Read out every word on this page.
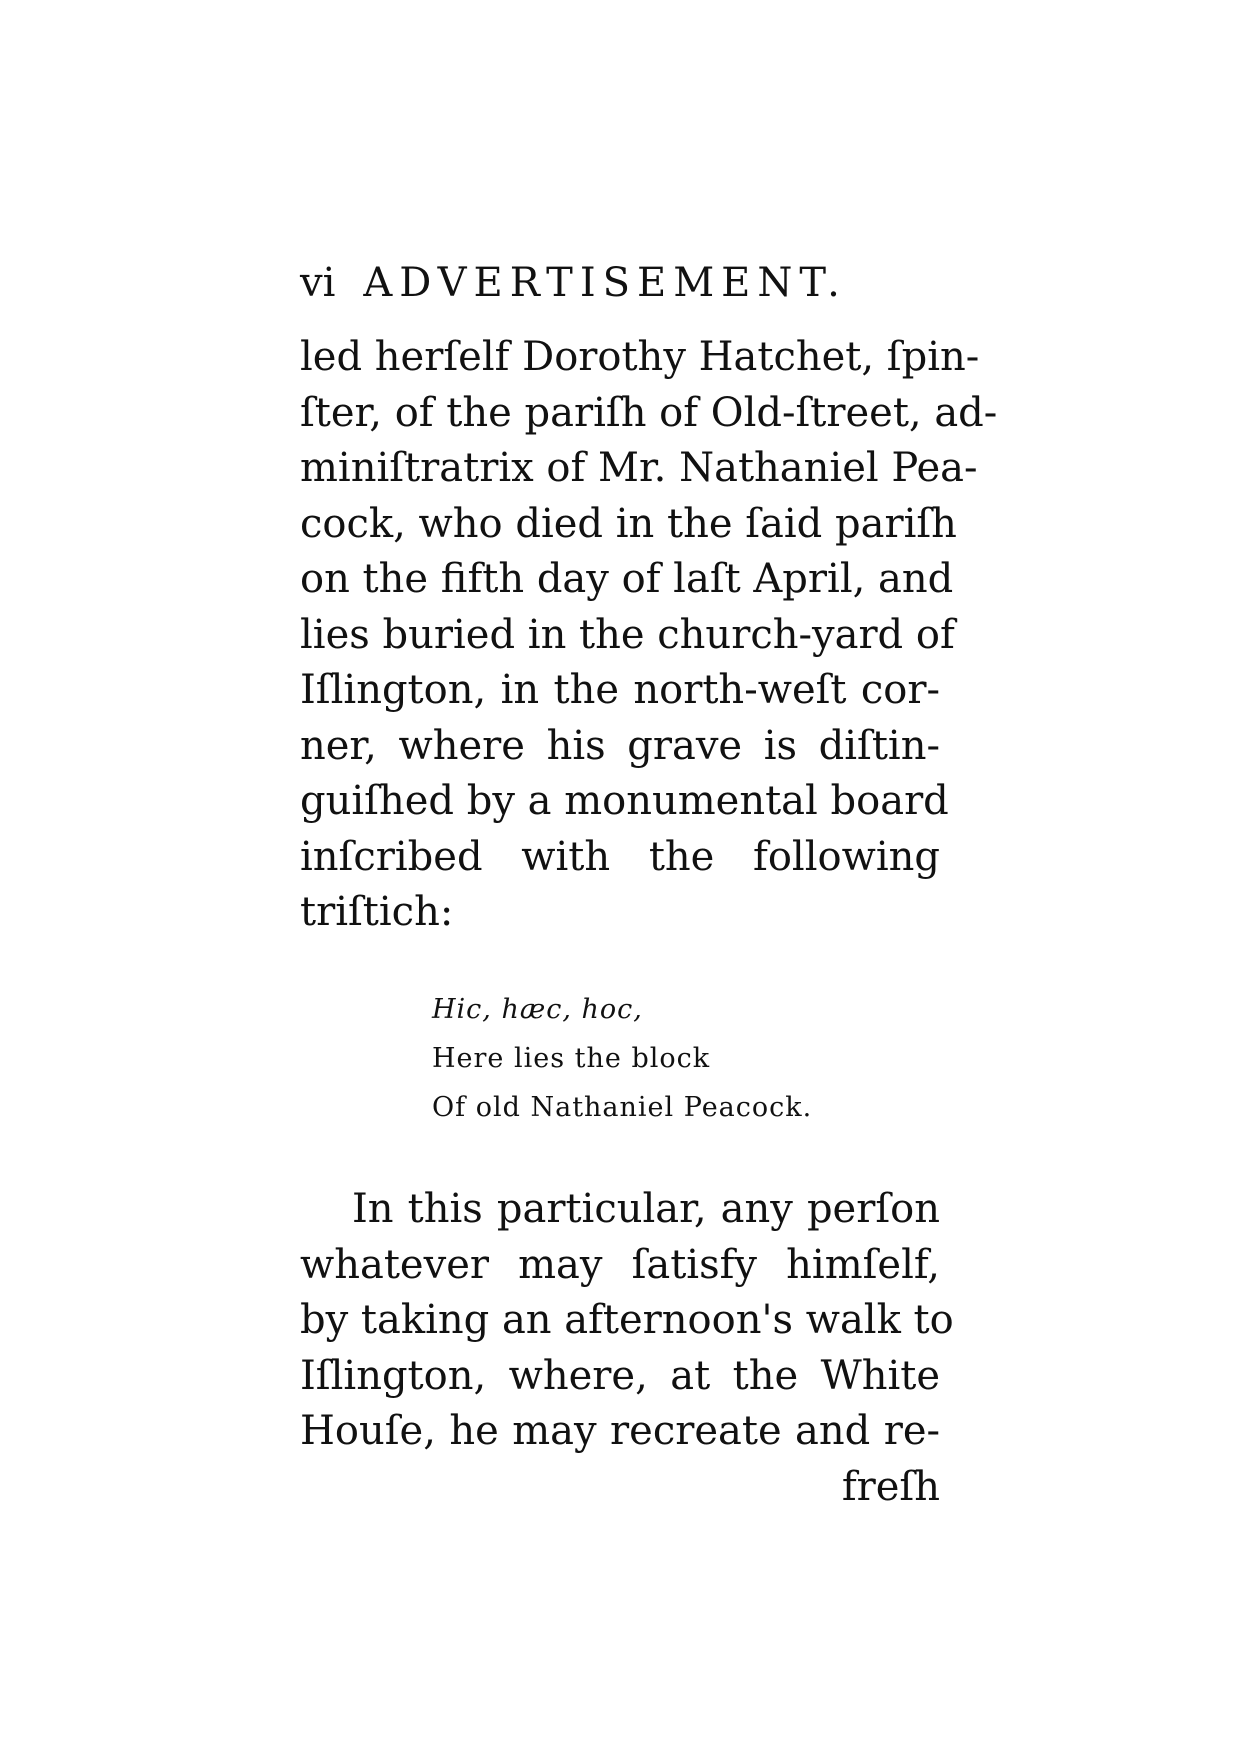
vi ADVERTISEMENT.
led herſelf Dorothy Hatchet, ſpin-
ſter, of the pariſh of Old-ſtreet, ad-
miniſtratrix of Mr. Nathaniel Pea-
cock, who died in the ſaid pariſh
on the fifth day of laſt April, and
lies buried in the church-yard of
Iſlington, in the north-weſt cor-
ner, where his grave is diſtin-
guiſhed by a monumental board
inſcribed with the following
triſtich:
Hic, hæc, hoc,
Here lies the block
Of old Nathaniel Peacock.
In this particular, any perſon
whatever may ſatisfy himſelf,
by taking an afternoon's walk to
Iſlington, where, at the White
Houſe, he may recreate and re-
freſh
